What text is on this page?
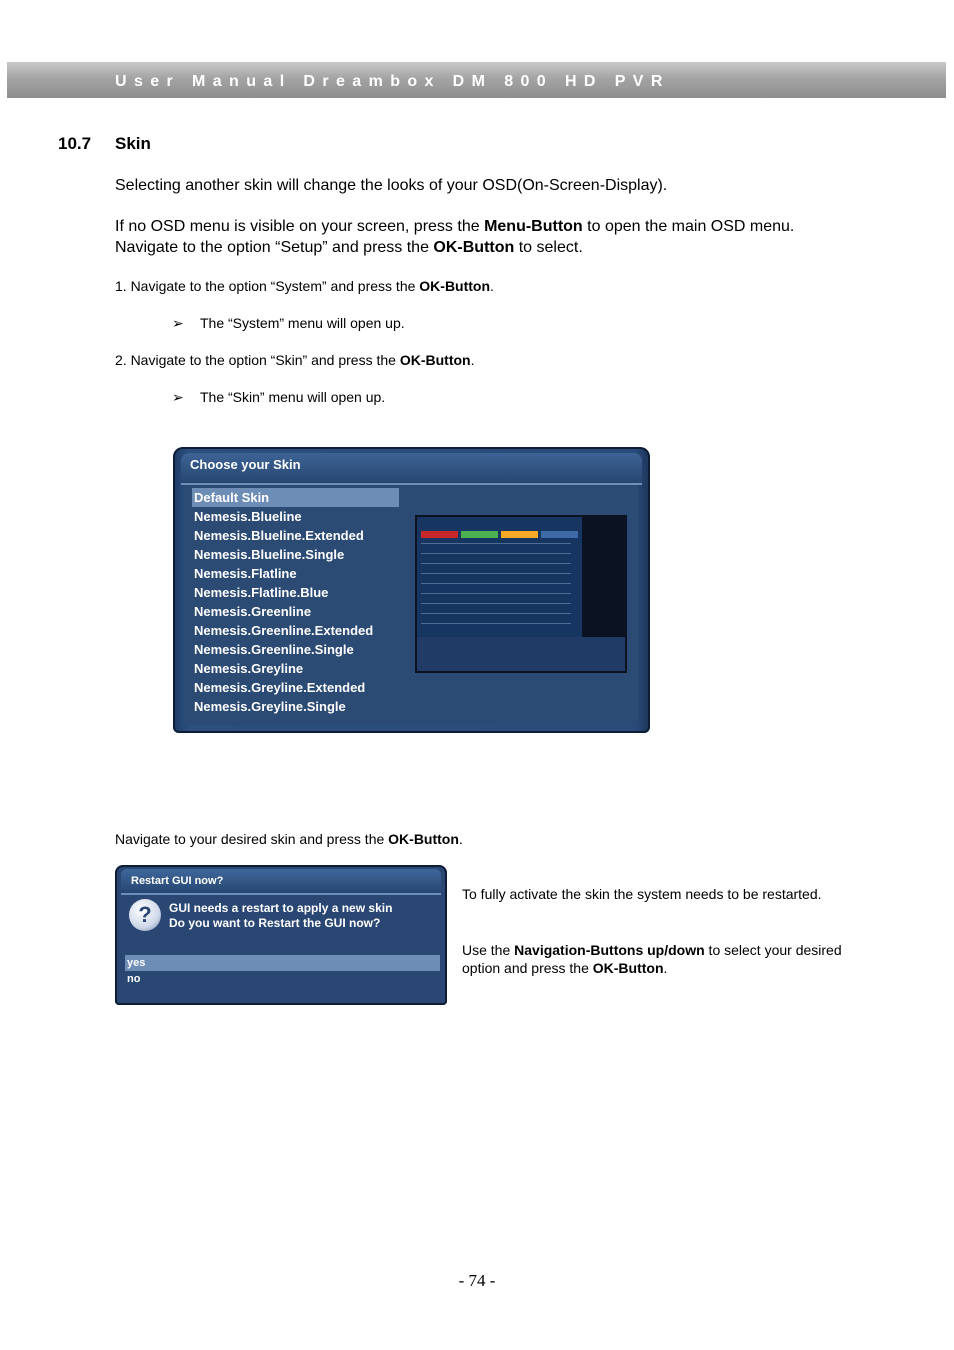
User Manual Dreambox DM 800 HD PVR
10.7 Skin
Selecting another skin will change the looks of your OSD(On-Screen-Display).
If no OSD menu is visible on your screen, press the Menu-Button to open the main OSD menu. Navigate to the option “Setup” and press the OK-Button to select.
1. Navigate to the option “System” and press the OK-Button.
➢ The “System” menu will open up.
2. Navigate to the option “Skin” and press the OK-Button.
➢ The “Skin” menu will open up.
Choose your Skin
Default Skin
Nemesis.Blueline
Nemesis.Blueline.Extended
Nemesis.Blueline.Single
Nemesis.Flatline
Nemesis.Flatline.Blue
Nemesis.Greenline
Nemesis.Greenline.Extended
Nemesis.Greenline.Single
Nemesis.Greyline
Nemesis.Greyline.Extended
Nemesis.Greyline.Single
Navigate to your desired skin and press the OK-Button.
Restart GUI now?
?	GUI needs a restart to apply a new skin
Do you want to Restart the GUI now?
yes
no
To fully activate the skin the system needs to be restarted.
Use the Navigation-Buttons up/down to select your desired option and press the OK-Button.
- 74 -
